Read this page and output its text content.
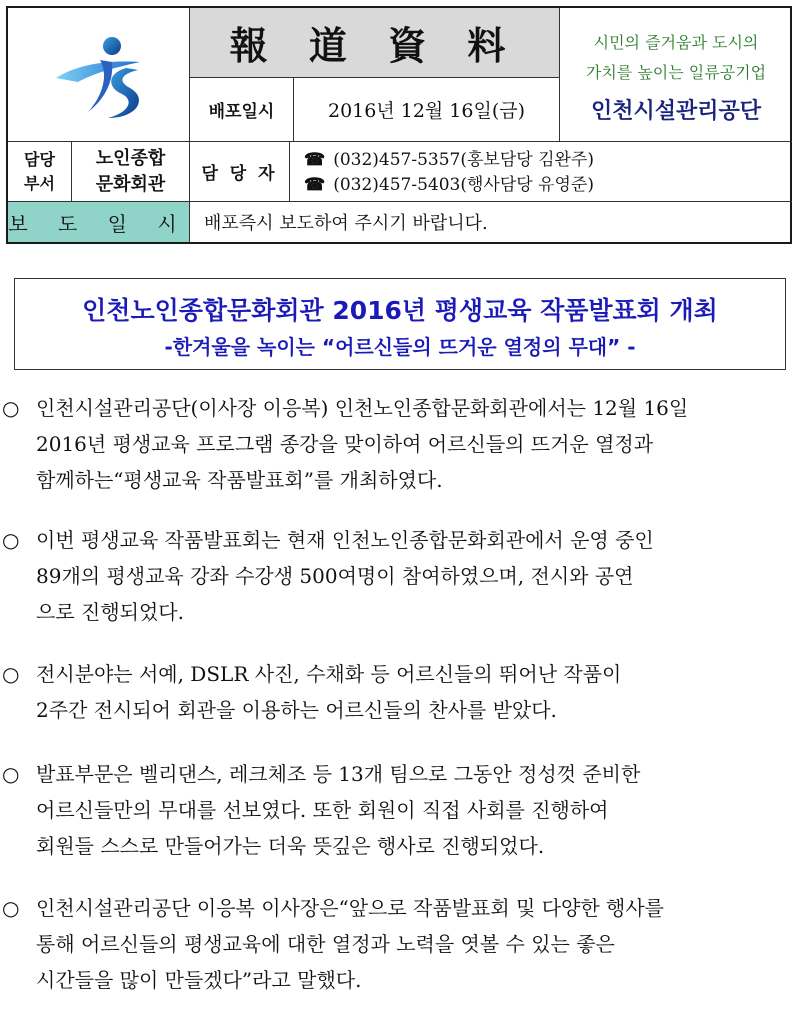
報 道 資 料
배포일시	2016년 12월 16일(금)
시민의 즐거움과 도시의
가치를 높이는 일류공기업
인천시설관리공단
담당
부서
노인종합
문화회관	담 당 자
☎ (032)457-5357(홍보담당 김완주)
☎ (032)457-5403(행사담당 유영준)
보 도 일 시 배포즉시 보도하여 주시기 바랍니다.
인천노인종합문화회관 2016년 평생교육 작품발표회 개최
-한겨울을 녹이는 “어르신들의 뜨거운 열정의 무대” -
○ 인천시설관리공단(이사장 이응복) 인천노인종합문화회관에서는 12월 16일
2016년 평생교육 프로그램 종강을 맞이하여 어르신들의 뜨거운 열정과
함께하는“평생교육 작품발표회”를 개최하였다.
○ 이번 평생교육 작품발표회는 현재 인천노인종합문화회관에서 운영 중인
89개의 평생교육 강좌 수강생 500여명이 참여하였으며, 전시와 공연
으로 진행되었다.
○ 전시분야는 서예, DSLR 사진, 수채화 등 어르신들의 뛰어난 작품이
2주간 전시되어 회관을 이용하는 어르신들의 찬사를 받았다.
○ 발표부문은 벨리댄스, 레크체조 등 13개 팀으로 그동안 정성껏 준비한
어르신들만의 무대를 선보였다. 또한 회원이 직접 사회를 진행하여
회원들 스스로 만들어가는 더욱 뜻깊은 행사로 진행되었다.
○ 인천시설관리공단 이응복 이사장은“앞으로 작품발표회 및 다양한 행사를
통해 어르신들의 평생교육에 대한 열정과 노력을 엿볼 수 있는 좋은
시간들을 많이 만들겠다”라고 말했다.
